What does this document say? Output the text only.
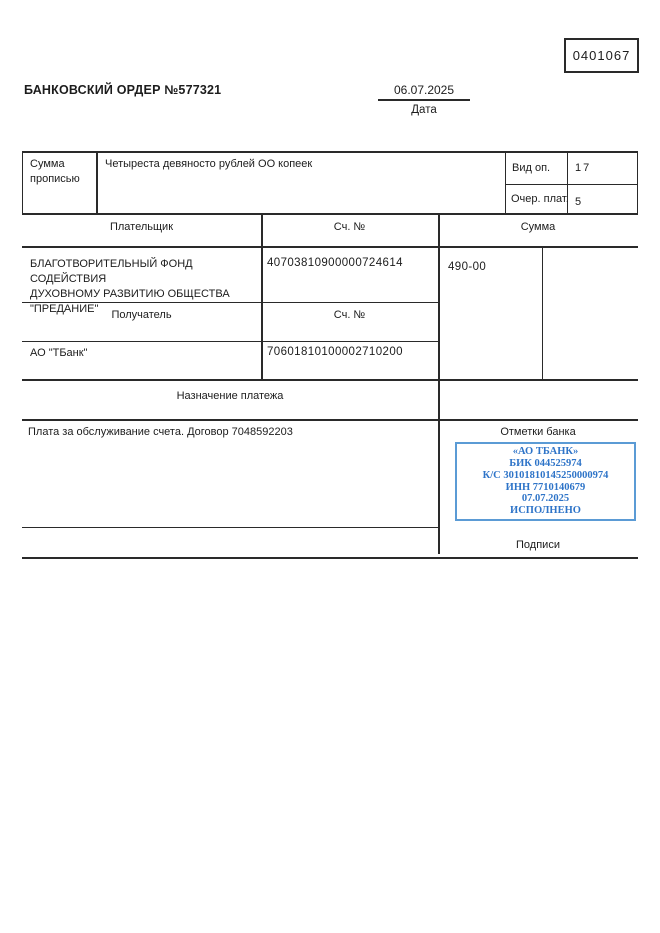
0401067
БАНКОВСКИЙ ОРДЕР №577321	06.07.2025
Дата
Сумма прописью
Четыреста девяносто рублей ОО копеек	Вид оп. 17
Очер. плат. 5
Плательщик	Сч. №	Сумма
БЛАГОТВОРИТЕЛЬНЫЙ ФОНД СОДЕЙСТВИЯ
ДУХОВНОМУ РАЗВИТИЮ ОБЩЕСТВА
"ПРЕДАНИЕ"
40703810900000724614	490-00
Получатель	Сч. №
АО "ТБанк"	70601810100002710200
Назначение платежа
Плата за обслуживание счета. Договор 7048592203	Отметки банка
«АО ТБАНК»
БИК 044525974
К/С 30101810145250000974
ИНН 7710140679
07.07.2025
ИСПОЛНЕНО
Подписи
